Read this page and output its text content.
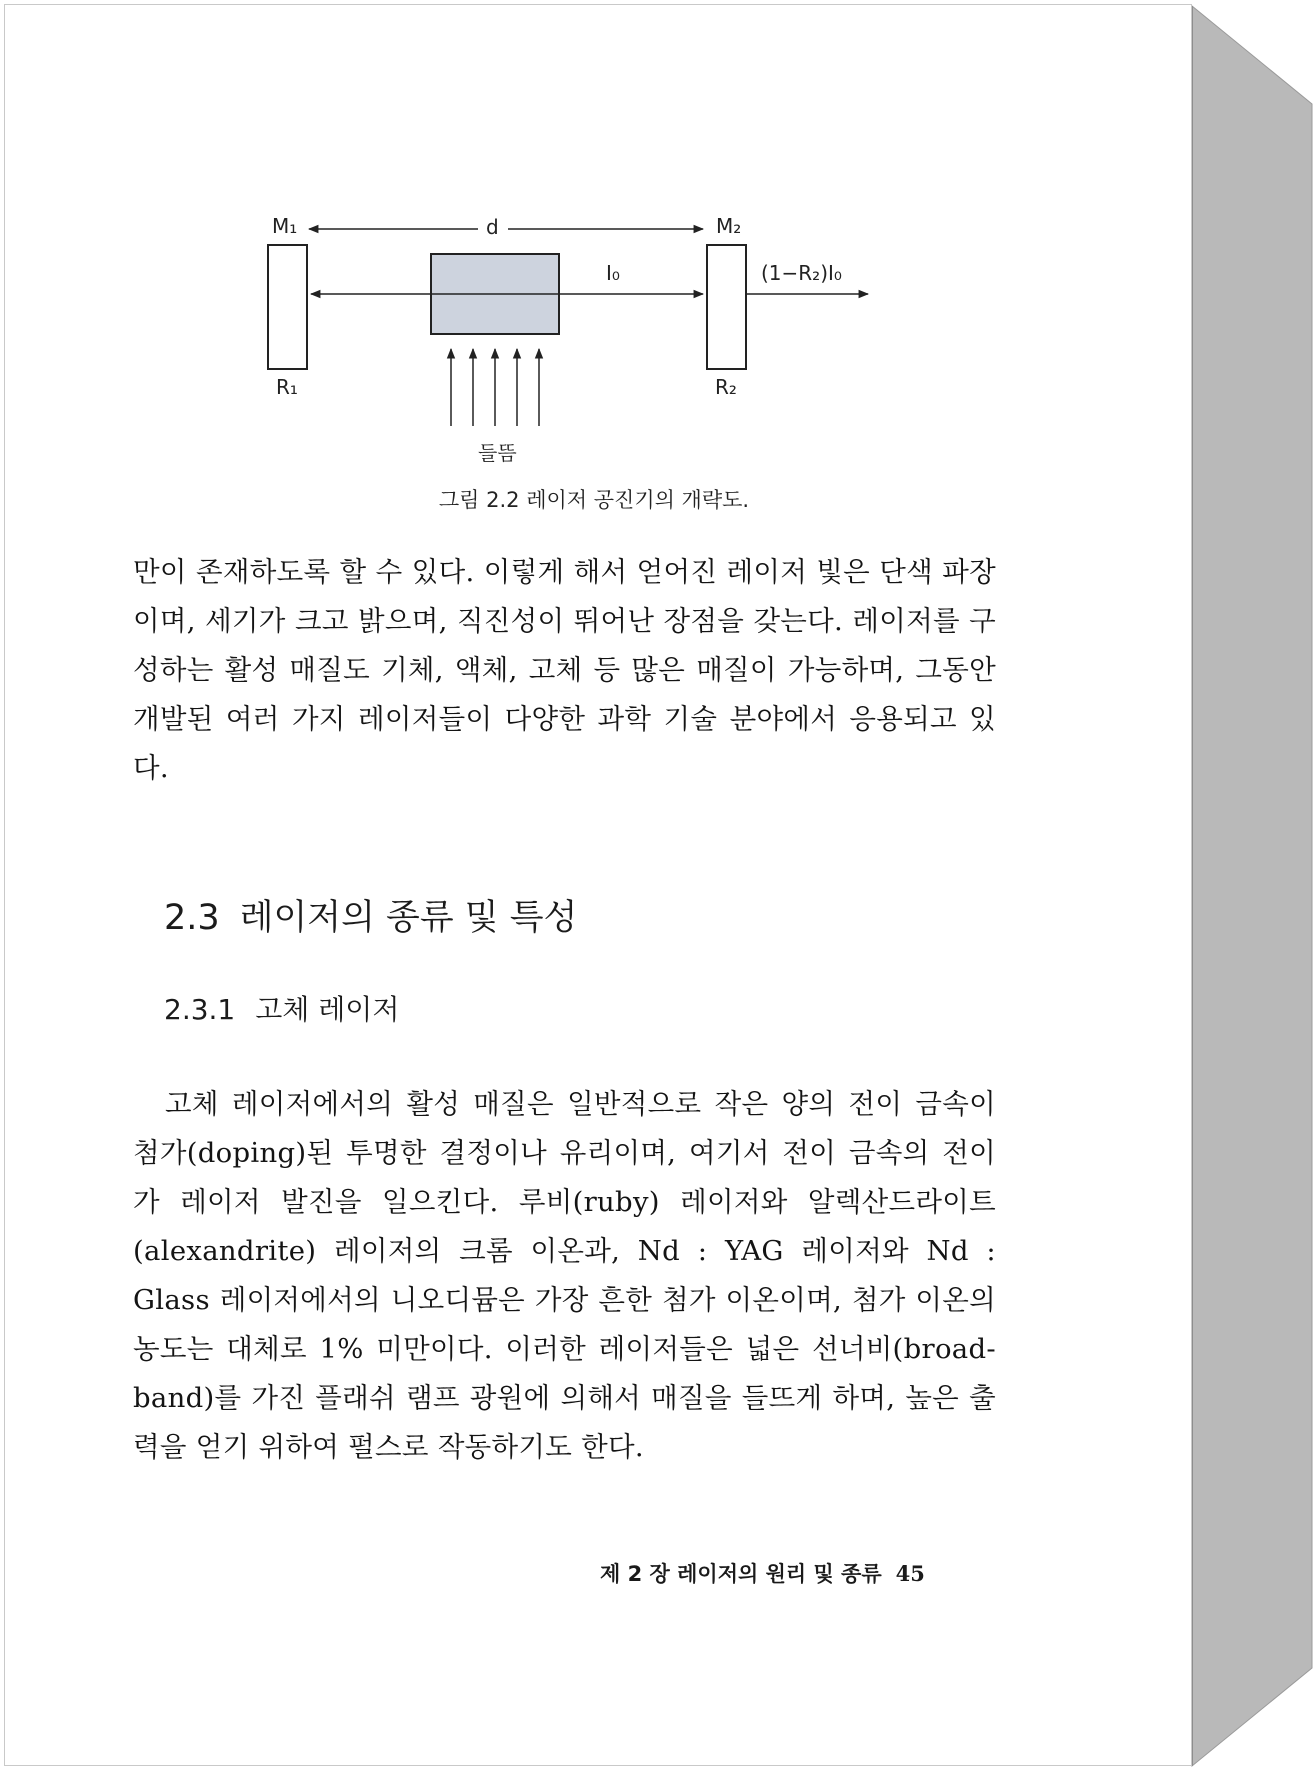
M₁	d	M₂
I₀	(1−R₂)I₀
R₁	R₂
들뜸
그림 2.2 레이저 공진기의 개략도.

만이 존재하도록 할 수 있다. 이렇게 해서 얻어진 레이저 빛은 단색 파장이며, 세기가 크고 밝으며, 직진성이 뛰어난 장점을 갖는다. 레이저를 구성하는 활성 매질도 기체, 액체, 고체 등 많은 매질이 가능하며, 그동안 개발된 여러 가지 레이저들이 다양한 과학 기술 분야에서 응용되고 있다.

2.3 레이저의 종류 및 특성
2.3.1 고체 레이저

고체 레이저에서의 활성 매질은 일반적으로 작은 양의 전이 금속이 첨가(doping)된 투명한 결정이나 유리이며, 여기서 전이 금속의 전이가 레이저 발진을 일으킨다. 루비(ruby) 레이저와 알렉산드라이트(alexandrite) 레이저의 크롬 이온과, Nd : YAG 레이저와 Nd : Glass 레이저에서의 니오디뮴은 가장 흔한 첨가 이온이며, 첨가 이온의 농도는 대체로 1% 미만이다. 이러한 레이저들은 넓은 선너비(broad- band)를 가진 플래쉬 램프 광원에 의해서 매질을 들뜨게 하며, 높은 출력을 얻기 위하여 펄스로 작동하기도 한다.

제 2 장 레이저의 원리 및 종류 45
